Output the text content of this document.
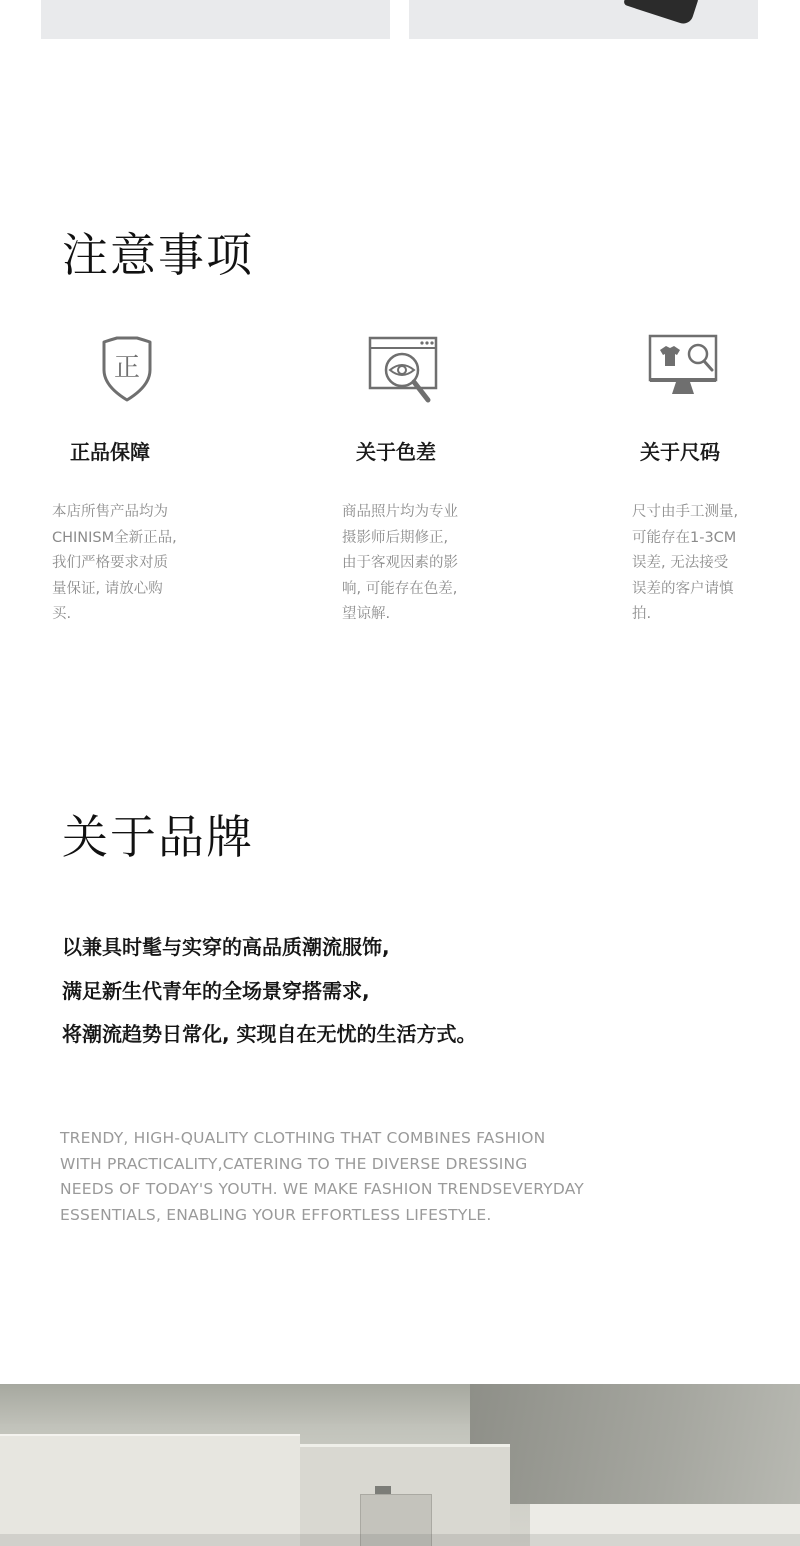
注意事项
正
正品保障
本店所售产品均为
CHINISM全新正品,
我们严格要求对质
量保证, 请放心购
买.
关于色差
商品照片均为专业
摄影师后期修正,
由于客观因素的影
响, 可能存在色差,
望谅解.
关于尺码
尺寸由手工测量,
可能存在1-3CM
误差, 无法接受
误差的客户请慎
拍.
关于品牌
以兼具时髦与实穿的高品质潮流服饰,
满足新生代青年的全场景穿搭需求,
将潮流趋势日常化, 实现自在无忧的生活方式。
TRENDY, HIGH-QUALITY CLOTHING THAT COMBINES FASHION
WITH PRACTICALITY,CATERING TO THE DIVERSE DRESSING
NEEDS OF TODAY'S YOUTH. WE MAKE FASHION TRENDSEVERYDAY
ESSENTIALS, ENABLING YOUR EFFORTLESS LIFESTYLE.
